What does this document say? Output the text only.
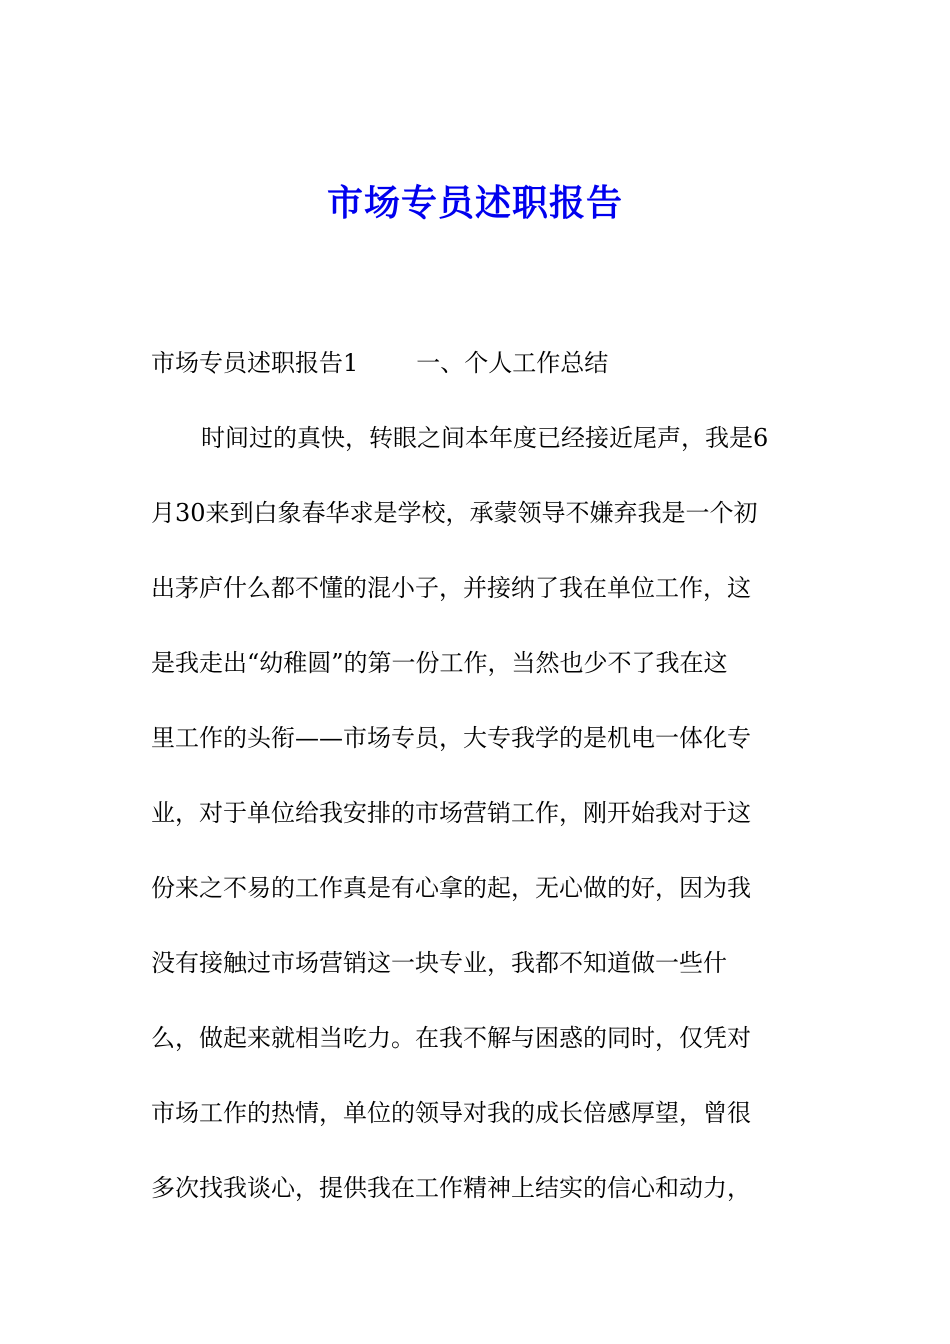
市场专员述职报告

市场专员述职报告1 一、个人工作总结

时间过的真快，转眼之间本年度已经接近尾声，我是6

月30来到白象春华求是学校，承蒙领导不嫌弃我是一个初

出茅庐什么都不懂的混小子，并接纳了我在单位工作，这

是我走出“幼稚圆”的第一份工作，当然也少不了我在这

里工作的头衔——市场专员，大专我学的是机电一体化专

业，对于单位给我安排的市场营销工作，刚开始我对于这

份来之不易的工作真是有心拿的起，无心做的好，因为我

没有接触过市场营销这一块专业，我都不知道做一些什

么，做起来就相当吃力。在我不解与困惑的同时，仅凭对

市场工作的热情，单位的领导对我的成长倍感厚望，曾很

多次找我谈心，提供我在工作精神上结实的信心和动力，
